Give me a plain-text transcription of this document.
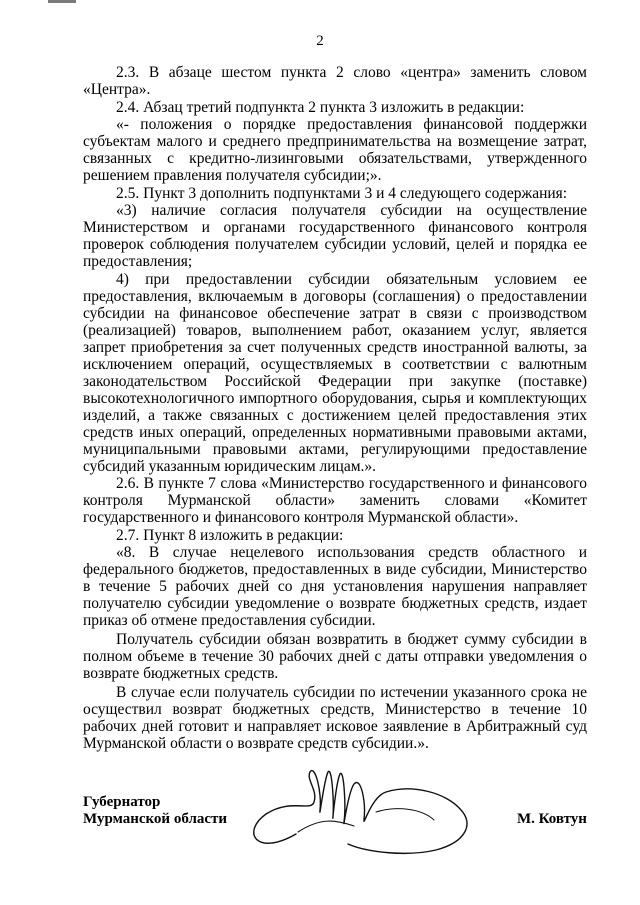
2

2.3. В абзаце шестом пункта 2 слово «центра» заменить словом «Центра».

2.4. Абзац третий подпункта 2 пункта 3 изложить в редакции:

«- положения о порядке предоставления финансовой поддержки субъектам малого и среднего предпринимательства на возмещение затрат, связанных с кредитно-лизинговыми обязательствами, утвержденного решением правления получателя субсидии;».

2.5. Пункт 3 дополнить подпунктами 3 и 4 следующего содержания:

«3) наличие согласия получателя субсидии на осуществление Министерством и органами государственного финансового контроля проверок соблюдения получателем субсидии условий, целей и порядка ее предоставления;

4) при предоставлении субсидии обязательным условием ее предоставления, включаемым в договоры (соглашения) о предоставлении субсидии на финансовое обеспечение затрат в связи с производством (реализацией) товаров, выполнением работ, оказанием услуг, является запрет приобретения за счет полученных средств иностранной валюты, за исключением операций, осуществляемых в соответствии с валютным законодательством Российской Федерации при закупке (поставке) высокотехнологичного импортного оборудования, сырья и комплектующих изделий, а также связанных с достижением целей предоставления этих средств иных операций, определенных нормативными правовыми актами, муниципальными правовыми актами, регулирующими предоставление субсидий указанным юридическим лицам.».

2.6. В пункте 7 слова «Министерство государственного и финансового контроля Мурманской области» заменить словами «Комитет государственного и финансового контроля Мурманской области».

2.7. Пункт 8 изложить в редакции:

«8. В случае нецелевого использования средств областного и федерального бюджетов, предоставленных в виде субсидии, Министерство в течение 5 рабочих дней со дня установления нарушения направляет получателю субсидии уведомление о возврате бюджетных средств, издает приказ об отмене предоставления субсидии.

Получатель субсидии обязан возвратить в бюджет сумму субсидии в полном объеме в течение 30 рабочих дней с даты отправки уведомления о возврате бюджетных средств.

В случае если получатель субсидии по истечении указанного срока не осуществил возврат бюджетных средств, Министерство в течение 10 рабочих дней готовит и направляет исковое заявление в Арбитражный суд Мурманской области о возврате средств субсидии.».

Губернатор
Мурманской области	М. Ковтун
